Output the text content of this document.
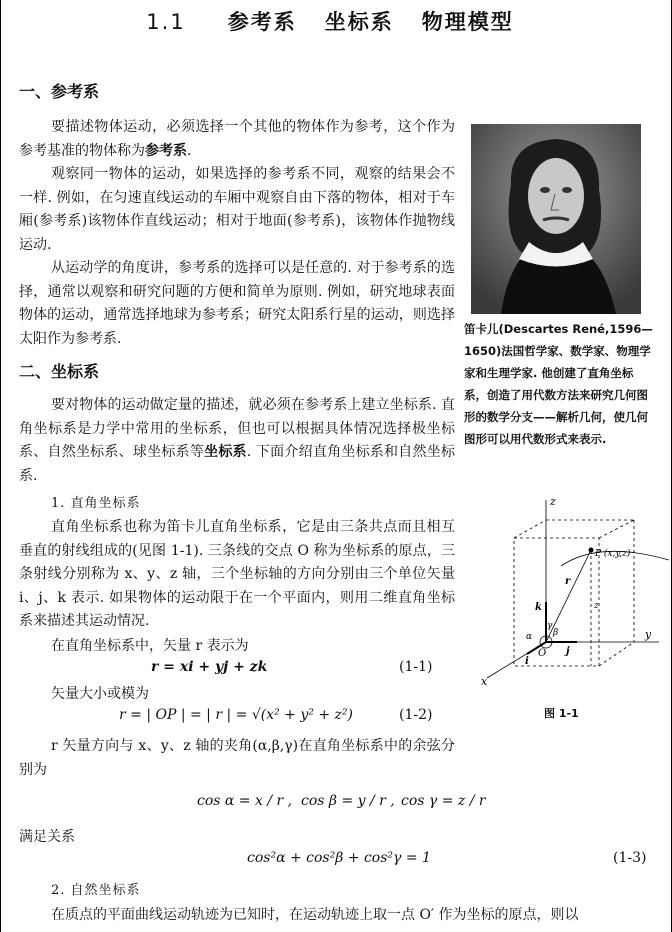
1.1 参考系 坐标系 物理模型
一、参考系
要描述物体运动，必须选择一个其他的物体作为参考，这个作为参考基准的物体称为参考系.
观察同一物体的运动，如果选择的参考系不同，观察的结果会不一样. 例如，在匀速直线运动的车厢中观察自由下落的物体，相对于车厢(参考系)该物体作直线运动；相对于地面(参考系)，该物体作抛物线运动.
从运动学的角度讲，参考系的选择可以是任意的. 对于参考系的选择，通常以观察和研究问题的方便和简单为原则. 例如，研究地球表面物体的运动，通常选择地球为参考系；研究太阳系行星的运动，则选择太阳作为参考系.
笛卡儿(Descartes René,1596—1650)法国哲学家、数学家、物理学家和生理学家. 他创建了直角坐标系，创造了用代数方法来研究几何图形的数学分支——解析几何，使几何图形可以用代数形式来表示.
二、坐标系
要对物体的运动做定量的描述，就必须在参考系上建立坐标系. 直角坐标系是力学中常用的坐标系，但也可以根据具体情况选择极坐标系、自然坐标系、球坐标系等坐标系. 下面介绍直角坐标系和自然坐标系.
1. 直角坐标系
直角坐标系也称为笛卡儿直角坐标系，它是由三条共点而且相互垂直的射线组成的(见图 1-1). 三条线的交点 O 称为坐标系的原点，三条射线分别称为 x、y、z 轴，三个坐标轴的方向分别由三个单位矢量 i、j、k 表示. 如果物体的运动限于在一个平面内，则用二维直角坐标系来描述其运动情况.
在直角坐标系中，矢量 r 表示为
r = xi + yj + zk	(1-1)
矢量大小或模为
r = | OP | = | r | = √(x² + y² + z²)	(1-2)
r 矢量方向与 x、y、z 轴的夹角(α,β,γ)在直角坐标系中的余弦分别为
cos α = x / r , cos β = y / r , cos γ = z / r
满足关系
cos²α + cos²β + cos²γ = 1	(1-3)
2. 自然坐标系
在质点的平面曲线运动轨迹为已知时，在运动轨迹上取一点 O′ 作为坐标的原点，则以
z
y
x
O
P (x,y,z)
r
k
j
i
α β
γ
z
图 1-1
